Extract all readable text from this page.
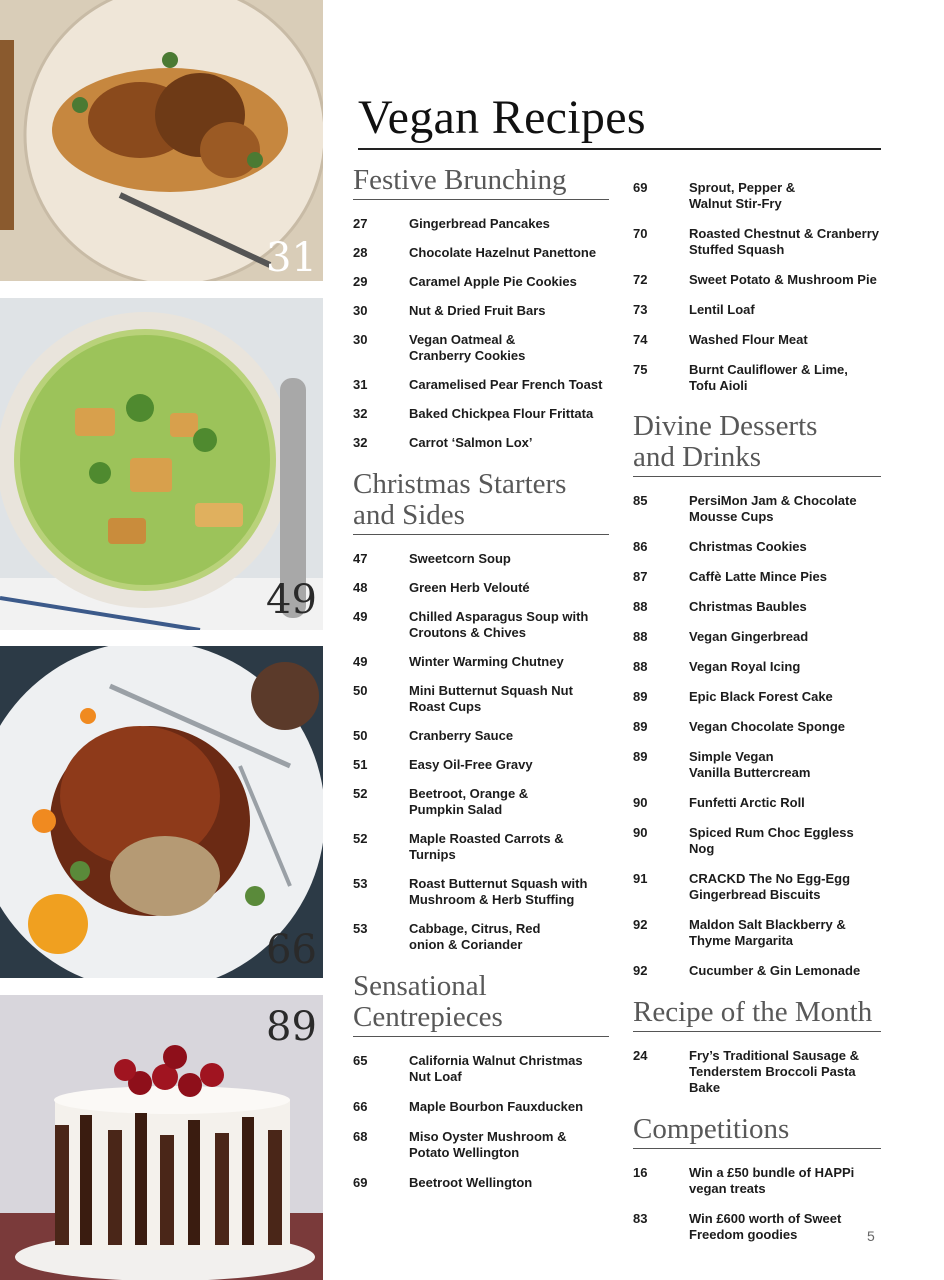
31
49
66
89
Vegan Recipes
Festive Brunching
27	Gingerbread Pancakes
28	Chocolate Hazelnut Panettone
29	Caramel Apple Pie Cookies
30	Nut & Dried Fruit Bars
30	Vegan Oatmeal &
Cranberry Cookies
31	Caramelised Pear French Toast
32	Baked Chickpea Flour Frittata
32	Carrot ‘Salmon Lox’
Christmas Starters
and Sides
47	Sweetcorn Soup
48	Green Herb Velouté
49	Chilled Asparagus Soup with
Croutons & Chives
49	Winter Warming Chutney
50	Mini Butternut Squash Nut
Roast Cups
50	Cranberry Sauce
51	Easy Oil-Free Gravy
52	Beetroot, Orange &
Pumpkin Salad
52	Maple Roasted Carrots & Turnips
53	Roast Butternut Squash with
Mushroom & Herb Stuffing
53	Cabbage, Citrus, Red
onion & Coriander
Sensational
Centrepieces
65	California Walnut Christmas
Nut Loaf
66	Maple Bourbon Fauxducken
68	Miso Oyster Mushroom &
Potato Wellington
69	Beetroot Wellington
69	Sprout, Pepper &
Walnut Stir-Fry
70	Roasted Chestnut & Cranberry
Stuffed Squash
72	Sweet Potato & Mushroom Pie
73	Lentil Loaf
74	Washed Flour Meat
75	Burnt Cauliflower & Lime,
Tofu Aioli
Divine Desserts
and Drinks
85	PersiMon Jam & Chocolate
Mousse Cups
86	Christmas Cookies
87	Caffè Latte Mince Pies
88	Christmas Baubles
88	Vegan Gingerbread
88	Vegan Royal Icing
89	Epic Black Forest Cake
89	Vegan Chocolate Sponge
89	Simple Vegan
Vanilla Buttercream
90	Funfetti Arctic Roll
90	Spiced Rum Choc Eggless Nog
91	CRACKD The No Egg-Egg
Gingerbread Biscuits
92	Maldon Salt Blackberry &
Thyme Margarita
92	Cucumber & Gin Lemonade
Recipe of the Month
24	Fry’s Traditional Sausage &
Tenderstem Broccoli Pasta Bake
Competitions
16	Win a £50 bundle of HAPPi
vegan treats
83	Win £600 worth of Sweet
Freedom goodies	5
